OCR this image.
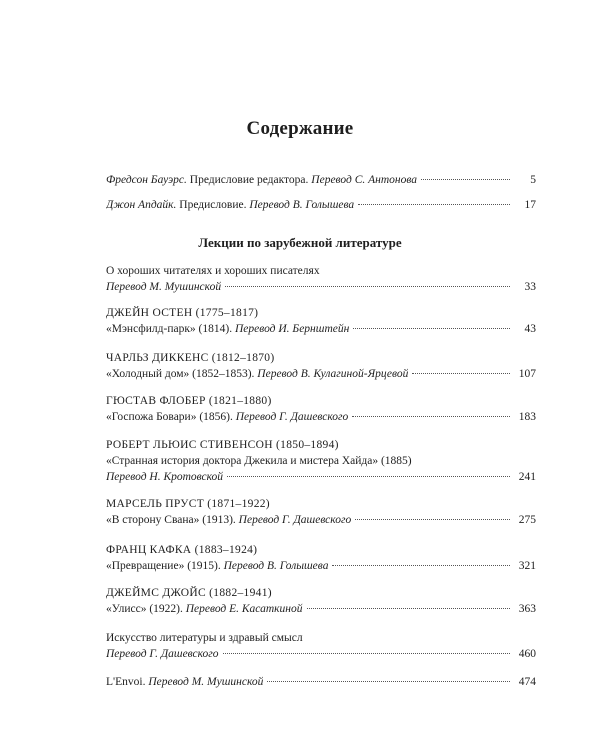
Содержание
Фредсон Бауэрс. Предисловие редактора. Перевод С. Антонова	5
Джон Апдайк. Предисловие. Перевод В. Голышева	17
Лекции по зарубежной литературе
О хороших читателях и хороших писателях
Перевод М. Мушинской	33
ДЖЕЙН ОСТЕН (1775–1817)
«Мэнсфилд-парк» (1814). Перевод И. Бернштейн	43
ЧАРЛЬЗ ДИККЕНС (1812–1870)
«Холодный дом» (1852–1853). Перевод В. Кулагиной-Ярцевой	107
ГЮСТАВ ФЛОБЕР (1821–1880)
«Госпожа Бовари» (1856). Перевод Г. Дашевского	183
РОБЕРТ ЛЬЮИС СТИВЕНСОН (1850–1894)
«Странная история доктора Джекила и мистера Хайда» (1885)
Перевод Н. Кротовской	241
МАРСЕЛЬ ПРУСТ (1871–1922)
«В сторону Свана» (1913). Перевод Г. Дашевского	275
ФРАНЦ КАФКА (1883–1924)
«Превращение» (1915). Перевод В. Голышева	321
ДЖЕЙМС ДЖОЙС (1882–1941)
«Улисс» (1922). Перевод Е. Касаткиной	363
Искусство литературы и здравый смысл
Перевод Г. Дашевского	460
L'Envoi. Перевод М. Мушинской	474
